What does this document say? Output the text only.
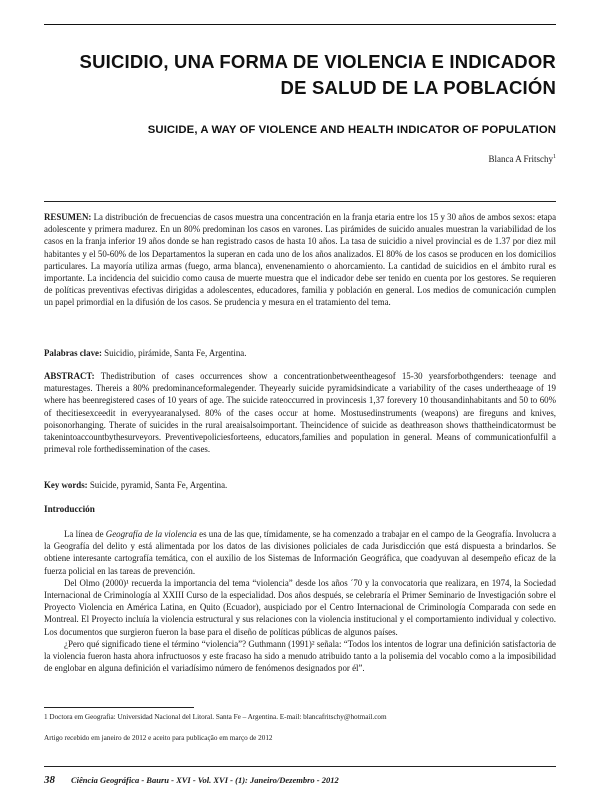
SUICIDIO, UNA FORMA DE VIOLENCIA E INDICADOR
DE SALUD DE LA POBLACIÓN
SUICIDE, A WAY OF VIOLENCE AND HEALTH INDICATOR OF POPULATION
Blanca A Fritschy$^1$
RESUMEN: La distribución de frecuencias de casos muestra una concentración en la franja etaria entre los 15 y 30 años de ambos sexos: etapa adolescente y primera madurez. En un 80% predominan los casos en varones. Las pirámides de suicido anuales muestran la variabilidad de los casos en la franja inferior 19 años donde se han registrado casos de hasta 10 años. La tasa de suicidio a nivel provincial es de 1.37 por diez mil habitantes y el 50-60% de los Departamentos la superan en cada uno de los años analizados. El 80% de los casos se producen en los domicilios particulares. La mayoría utiliza armas (fuego, arma blanca), envenenamiento o ahorcamiento. La cantidad de suicidios en el ámbito rural es importante. La incidencia del suicidio como causa de muerte muestra que el indicador debe ser tenido en cuenta por los gestores. Se requieren de políticas preventivas efectivas dirigidas a adolescentes, educadores, familia y población en general. Los medios de comunicación cumplen un papel primordial en la difusión de los casos. Se prudencia y mesura en el tratamiento del tema.
Palabras clave: Suicidio, pirámide, Santa Fe, Argentina.
ABSTRACT: Thedistribution of cases occurrences show a concentrationbetweentheagesof 15-30 yearsforbothgenders: teenage and maturestages. Thereis a 80% predominanceformalegender. Theyearly suicide pyramidsindicate a variability of the cases undertheaage of 19 where has beenregistered cases of 10 years of age. The suicide rateoccurred in provincesis 1,37 forevery 10 thousandinhabitants and 50 to 60% of thecitiesexceedit in everyyearanalysed. 80% of the cases occur at home. Mostusedinstruments (weapons) are fireguns and knives, poisonorhanging. Therate of suicides in the rural areaisalsoimportant. Theincidence of suicide as deathreason shows thattheindicatormust be takenintoaccountbythesurveyors. Preventivepoliciesforteens, educators,families and population in general. Means of communicationfulfil a primeval role forthedissemination of the cases.
Key words: Suicide, pyramid, Santa Fe, Argentina.
Introducción

La línea de Geografía de la violencia es una de las que, tímidamente, se ha comenzado a trabajar en el campo de la Geografía. Involucra a la Geografía del delito y está alimentada por los datos de las divisiones policiales de cada Jurisdicción que está dispuesta a brindarlos. Se obtiene interesante cartografía temática, con el auxilio de los Sistemas de Información Geográfica, que coadyuvan al desempeño eficaz de la fuerza policial en las tareas de prevención.

Del Olmo (2000)¹ recuerda la importancia del tema “violencia” desde los años ´70 y la convocatoria que realizara, en 1974, la Sociedad Internacional de Criminología al XXIII Curso de la especialidad. Dos años después, se celebraría el Primer Seminario de Investigación sobre el Proyecto Violencia en América Latina, en Quito (Ecuador), auspiciado por el Centro Internacional de Criminología Comparada con sede en Montreal. El Proyecto incluía la violencia estructural y sus relaciones con la violencia institucional y el comportamiento individual y colectivo. Los documentos que surgieron fueron la base para el diseño de políticas públicas de algunos países.

¿Pero qué significado tiene el término “violencia”? Guthmann (1991)² señala: “Todos los intentos de lograr una definición satisfactoria de la violencia fueron hasta ahora infructuosos y este fracaso ha sido a menudo atribuido tanto a la polisemia del vocablo como a la imposibilidad de englobar en alguna definición el variadísimo número de fenómenos designados por él”.

1 Doctora em Geografia: Universidad Nacional del Litoral. Santa Fe – Argentina. E-mail: blancafritschy@hotmail.com
Artigo recebido em janeiro de 2012 e aceito para publicação em março de 2012
38 Ciência Geográfica - Bauru - XVI - Vol. XVI - (1): Janeiro/Dezembro - 2012
